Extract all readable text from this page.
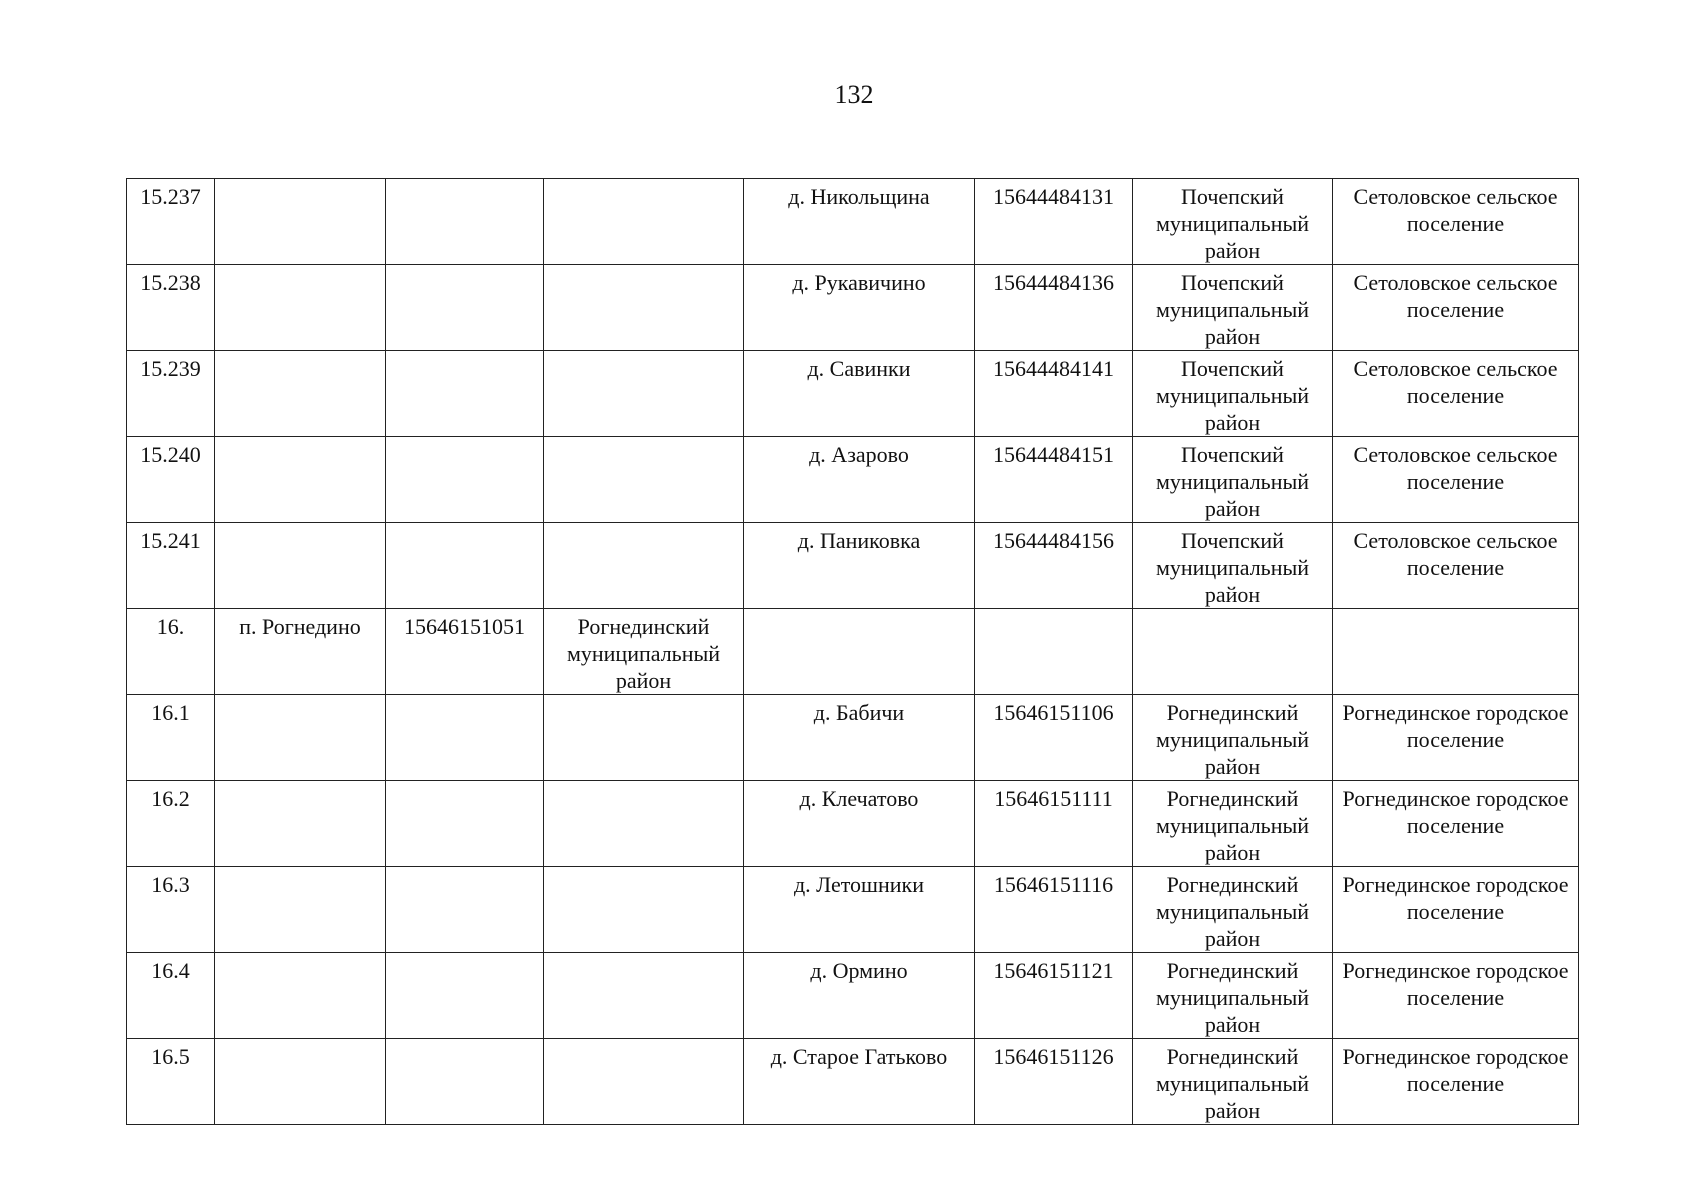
132
15.237				д. Никольщина	15644484131	Почепский муниципальный район	Сетоловское сельское поселение
15.238				д. Рукавичино	15644484136	Почепский муниципальный район	Сетоловское сельское поселение
15.239				д. Савинки	15644484141	Почепский муниципальный район	Сетоловское сельское поселение
15.240				д. Азарово	15644484151	Почепский муниципальный район	Сетоловское сельское поселение
15.241				д. Паниковка	15644484156	Почепский муниципальный район	Сетоловское сельское поселение
16.	п. Рогнедино	15646151051	Рогнединский муниципальный район				
16.1				д. Бабичи	15646151106	Рогнединский муниципальный район	Рогнединское городское поселение
16.2				д. Клечатово	15646151111	Рогнединский муниципальный район	Рогнединское городское поселение
16.3				д. Летошники	15646151116	Рогнединский муниципальный район	Рогнединское городское поселение
16.4				д. Ормино	15646151121	Рогнединский муниципальный район	Рогнединское городское поселение
16.5				д. Старое Гатьково	15646151126	Рогнединский муниципальный район	Рогнединское городское поселение
